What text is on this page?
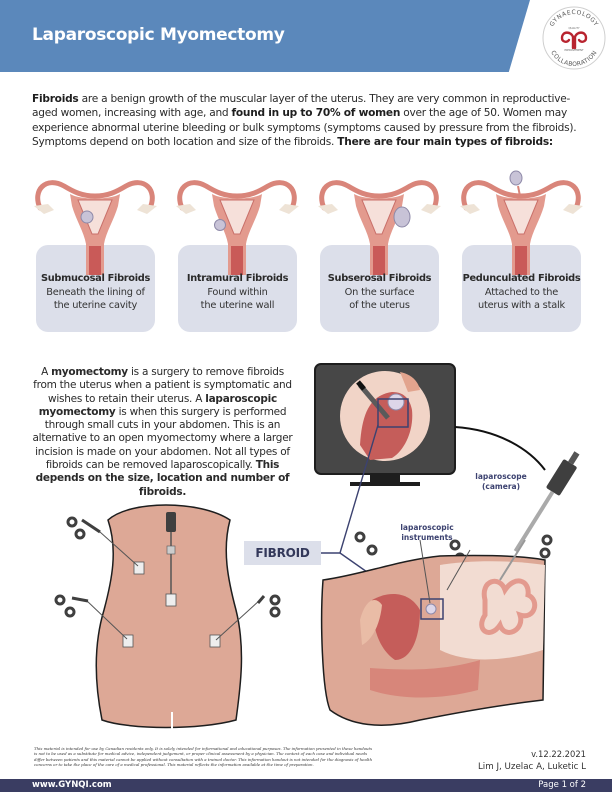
Laparoscopic Myomectomy
GYNAECOLOGY
COLLABORATION
QUALITY
IMPROVEMENT
Fibroids are a benign growth of the muscular layer of the uterus. They are very common in reproductive-aged women, increasing with age, and found in up to 70% of women over the age of 50. Women may experience abnormal uterine bleeding or bulk symptoms (symptoms caused by pressure from the fibroids). Symptoms depend on both location and size of the fibroids. There are four main types of fibroids:
Submucosal Fibroids
Beneath the lining of
the uterine cavity
Intramural Fibroids
Found within
the uterine wall
Subserosal Fibroids
On the surface
of the uterus
Pedunculated Fibroids
Attached to the
uterus with a stalk
A myomectomy is a surgery to remove fibroids from the uterus when a patient is symptomatic and wishes to retain their uterus. A laparoscopic myomectomy is when this surgery is performed through small cuts in your abdomen. This is an alternative to an open myomectomy where a larger incision is made on your abdomen. Not all types of fibroids can be removed laparoscopically. This depends on the size, location and number of fibroids.
FIBROID
laparoscope
(camera)
laparoscopic
instruments
This material is intended for use by Canadian residents only. It is solely intended for informational and educational purposes. The information presented in these handouts is not to be used as a substitute for medical advice, independent judgement, or proper clinical assessment by a physician. The context of each case and individual needs differ between patients and this material cannot be applied without consultation with a trained doctor. This information handout is not intended for the diagnosis of health concerns or to take the place of the care of a medical professional. This material reflects the information available at the time of preparation.
v.12.22.2021
Lim J, Uzelac A, Luketic L
www.GYNQI.com	Page 1 of 2
